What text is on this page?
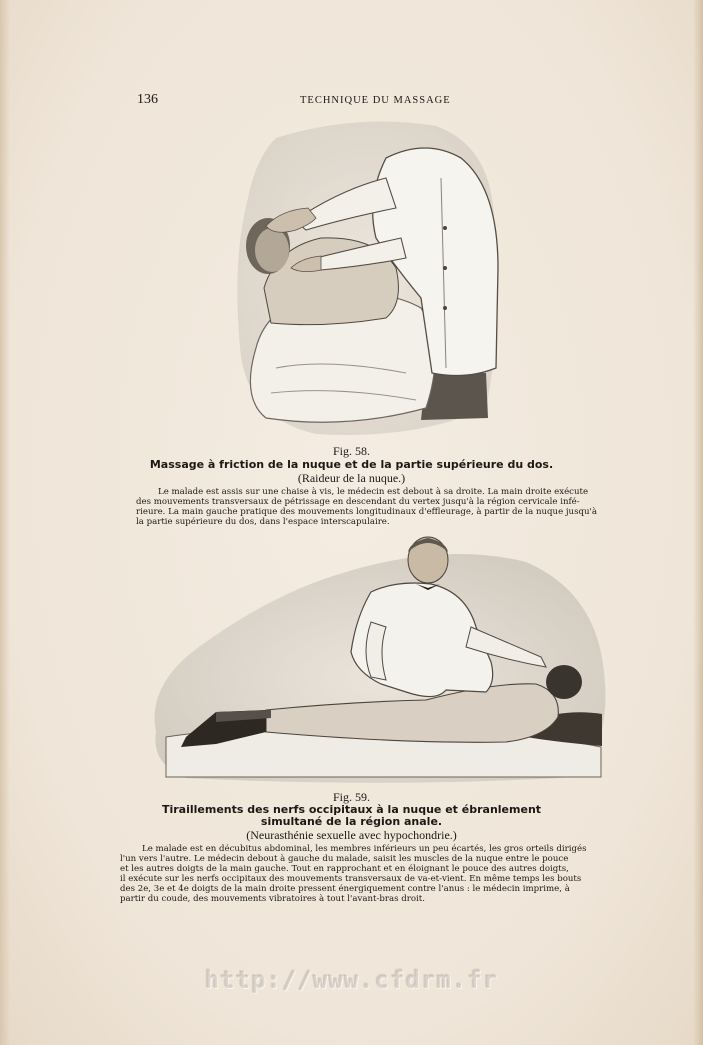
136	TECHNIQUE DU MASSAGE
Fig. 58.
Massage à friction de la nuque et de la partie supérieure du dos.
(Raideur de la nuque.)
Le malade est assis sur une chaise à vis, le médecin est debout à sa droite. La main droite exécute
des mouvements transversaux de pétrissage en descendant du vertex jusqu'à la région cervicale infé-
rieure. La main gauche pratique des mouvements longitudinaux d'effleurage, à partir de la nuque jusqu'à
la partie supérieure du dos, dans l'espace interscapulaire.
Fig. 59.
Tiraillements des nerfs occipitaux à la nuque et ébranlement
simultané de la région anale.
(Neurasthénie sexuelle avec hypochondrie.)
Le malade est en décubitus abdominal, les membres inférieurs un peu écartés, les gros orteils dirigés
l'un vers l'autre. Le médecin debout à gauche du malade, saisit les muscles de la nuque entre le pouce
et les autres doigts de la main gauche. Tout en rapprochant et en éloignant le pouce des autres doigts,
il exécute sur les nerfs occipitaux des mouvements transversaux de va-et-vient. En même temps les bouts
des 2e, 3e et 4e doigts de la main droite pressent énergiquement contre l'anus : le médecin imprime, à
partir du coude, des mouvements vibratoires à tout l'avant-bras droit.
http://www.cfdrm.fr
